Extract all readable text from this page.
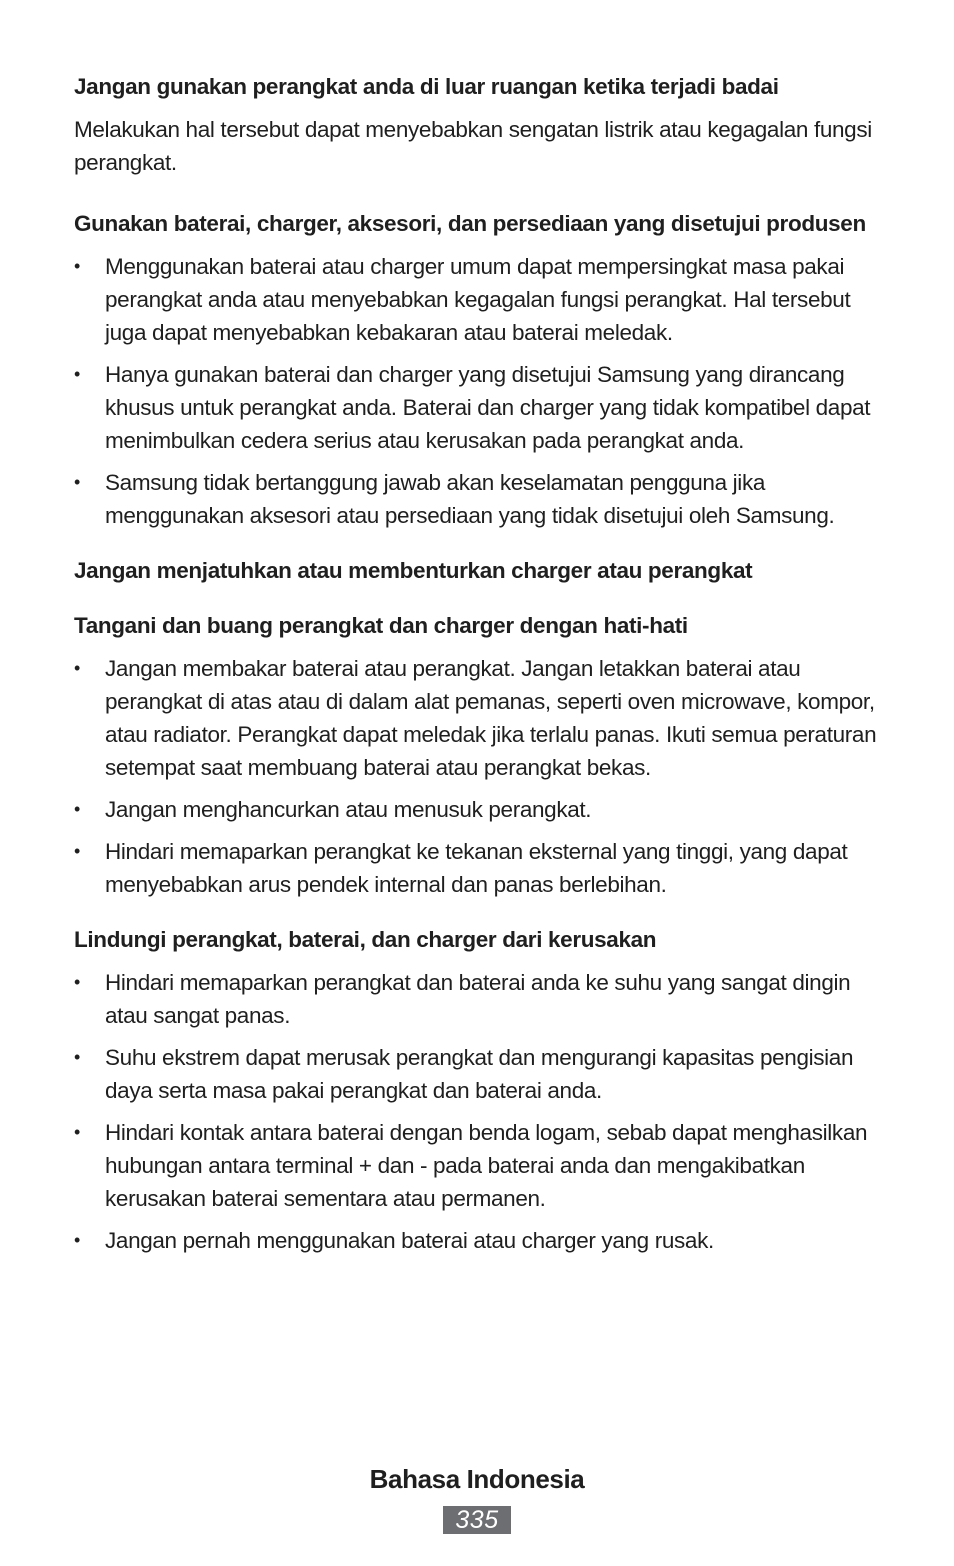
Jangan gunakan perangkat anda di luar ruangan ketika terjadi badai

Melakukan hal tersebut dapat menyebabkan sengatan listrik atau kegagalan fungsi perangkat.

Gunakan baterai, charger, aksesori, dan persediaan yang disetujui produsen
• Menggunakan baterai atau charger umum dapat mempersingkat masa pakai perangkat anda atau menyebabkan kegagalan fungsi perangkat. Hal tersebut juga dapat menyebabkan kebakaran atau baterai meledak.
• Hanya gunakan baterai dan charger yang disetujui Samsung yang dirancang khusus untuk perangkat anda. Baterai dan charger yang tidak kompatibel dapat menimbulkan cedera serius atau kerusakan pada perangkat anda.
• Samsung tidak bertanggung jawab akan keselamatan pengguna jika menggunakan aksesori atau persediaan yang tidak disetujui oleh Samsung.
Jangan menjatuhkan atau membenturkan charger atau perangkat
Tangani dan buang perangkat dan charger dengan hati-hati
• Jangan membakar baterai atau perangkat. Jangan letakkan baterai atau perangkat di atas atau di dalam alat pemanas, seperti oven microwave, kompor, atau radiator. Perangkat dapat meledak jika terlalu panas. Ikuti semua peraturan setempat saat membuang baterai atau perangkat bekas.
• Jangan menghancurkan atau menusuk perangkat.
• Hindari memaparkan perangkat ke tekanan eksternal yang tinggi, yang dapat menyebabkan arus pendek internal dan panas berlebihan.
Lindungi perangkat, baterai, dan charger dari kerusakan
• Hindari memaparkan perangkat dan baterai anda ke suhu yang sangat dingin atau sangat panas.
• Suhu ekstrem dapat merusak perangkat dan mengurangi kapasitas pengisian daya serta masa pakai perangkat dan baterai anda.
• Hindari kontak antara baterai dengan benda logam, sebab dapat menghasilkan hubungan antara terminal + dan - pada baterai anda dan mengakibatkan kerusakan baterai sementara atau permanen.
• Jangan pernah menggunakan baterai atau charger yang rusak.
Bahasa Indonesia
335
